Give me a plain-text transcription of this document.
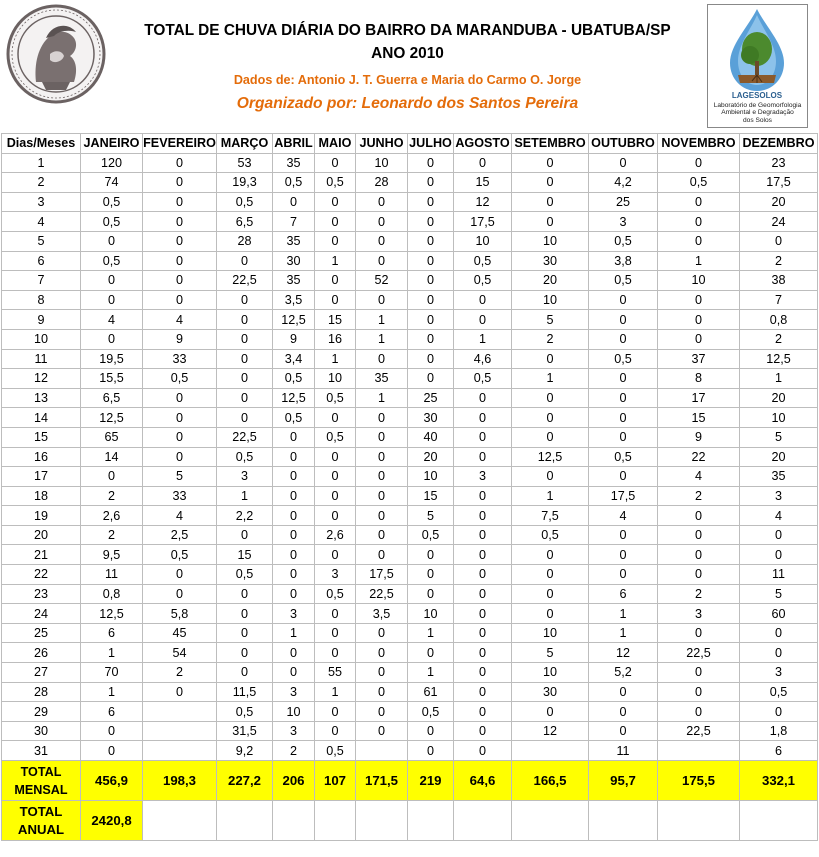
TOTAL DE CHUVA DIÁRIA DO BAIRRO DA MARANDUBA - UBATUBA/SP
ANO 2010
Dados de: Antonio J. T. Guerra e Maria do Carmo O. Jorge
Organizado por: Leonardo dos Santos Pereira	LAGESOLOS
Laboratório de Geomorfologia
Ambiental e Degradação
dos Solos
Dias/Meses	JANEIRO	FEVEREIRO	MARÇO	ABRIL	MAIO	JUNHO	JULHO	AGOSTO	SETEMBRO	OUTUBRO	NOVEMBRO	DEZEMBRO
1	120	0	53	35	0	10	0	0	0	0	0	23
2	74	0	19,3	0,5	0,5	28	0	15	0	4,2	0,5	17,5
3	0,5	0	0,5	0	0	0	0	12	0	25	0	20
4	0,5	0	6,5	7	0	0	0	17,5	0	3	0	24
5	0	0	28	35	0	0	0	10	10	0,5	0	0
6	0,5	0	0	30	1	0	0	0,5	30	3,8	1	2
7	0	0	22,5	35	0	52	0	0,5	20	0,5	10	38
8	0	0	0	3,5	0	0	0	0	10	0	0	7
9	4	4	0	12,5	15	1	0	0	5	0	0	0,8
10	0	9	0	9	16	1	0	1	2	0	0	2
11	19,5	33	0	3,4	1	0	0	4,6	0	0,5	37	12,5
12	15,5	0,5	0	0,5	10	35	0	0,5	1	0	8	1
13	6,5	0	0	12,5	0,5	1	25	0	0	0	17	20
14	12,5	0	0	0,5	0	0	30	0	0	0	15	10
15	65	0	22,5	0	0,5	0	40	0	0	0	9	5
16	14	0	0,5	0	0	0	20	0	12,5	0,5	22	20
17	0	5	3	0	0	0	10	3	0	0	4	35
18	2	33	1	0	0	0	15	0	1	17,5	2	3
19	2,6	4	2,2	0	0	0	5	0	7,5	4	0	4
20	2	2,5	0	0	2,6	0	0,5	0	0,5	0	0	0
21	9,5	0,5	15	0	0	0	0	0	0	0	0	0
22	11	0	0,5	0	3	17,5	0	0	0	0	0	11
23	0,8	0	0	0	0,5	22,5	0	0	0	6	2	5
24	12,5	5,8	0	3	0	3,5	10	0	0	1	3	60
25	6	45	0	1	0	0	1	0	10	1	0	0
26	1	54	0	0	0	0	0	0	5	12	22,5	0
27	70	2	0	0	55	0	1	0	10	5,2	0	3
28	1	0	11,5	3	1	0	61	0	30	0	0	0,5
29	6		0,5	10	0	0	0,5	0	0	0	0	0
30	0		31,5	3	0	0	0	0	12	0	22,5	1,8
31	0		9,2	2	0,5		0	0		11		6

TOTAL
MENSAL	456,9	198,3	227,2	206	107	171,5	219	64,6	166,5	95,7	175,5	332,1

TOTAL
ANUAL	2420,8											
